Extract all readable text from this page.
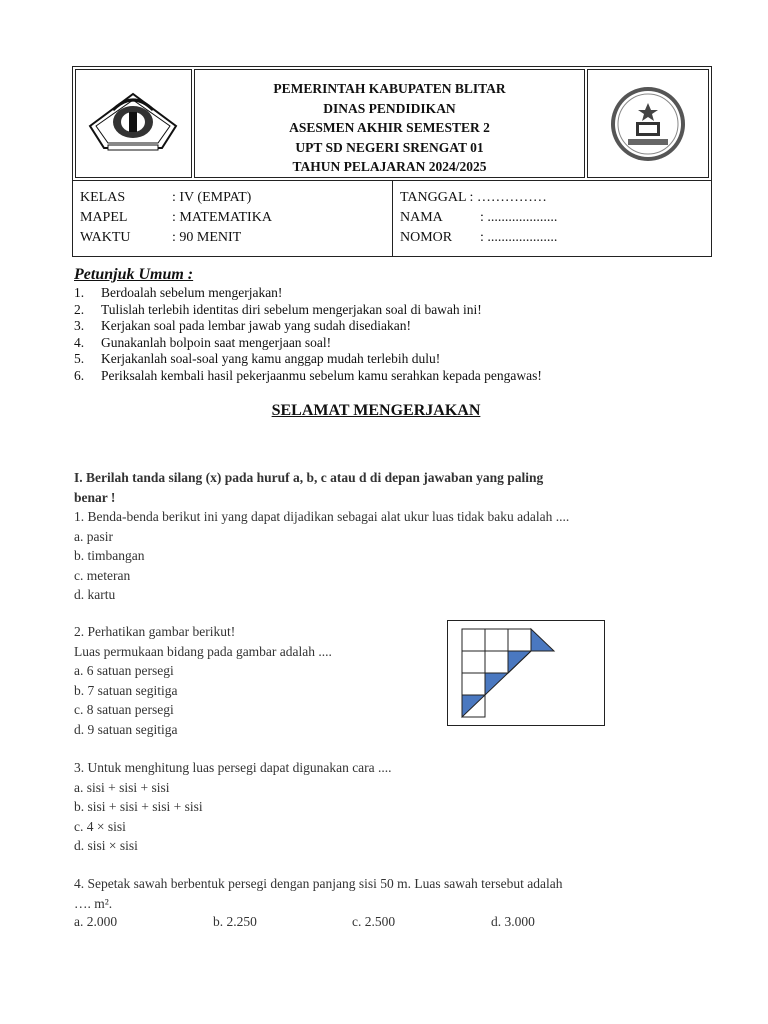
PEMERINTAH KABUPATEN BLITAR
DINAS PENDIDIKAN
ASESMEN AKHIR SEMESTER 2
UPT SD NEGERI SRENGAT 01
TAHUN PELAJARAN 2024/2025
KELAS	: IV (EMPAT)
MAPEL	: MATEMATIKA
WAKTU	: 90 MENIT
TANGGAL : ……………
NAMA	: ....................
NOMOR : ....................
Petunjuk Umum :
1.	Berdoalah sebelum mengerjakan!
2.	Tulislah terlebih identitas diri sebelum mengerjakan soal di bawah ini!
3.	Kerjakan soal pada lembar jawab yang sudah disediakan!
4.	Gunakanlah bolpoin saat mengerjaan soal!
5.	Kerjakanlah soal-soal yang kamu anggap mudah terlebih dulu!
6.	Periksalah kembali hasil pekerjaanmu sebelum kamu serahkan kepada pengawas!
SELAMAT MENGERJAKAN
I. Berilah tanda silang (x) pada huruf a, b, c atau d di depan jawaban yang paling
benar !
1. Benda-benda berikut ini yang dapat dijadikan sebagai alat ukur luas tidak baku adalah ....
a. pasir
b. timbangan
c. meteran
d. kartu
2. Perhatikan gambar berikut!
Luas permukaan bidang pada gambar adalah ....
a. 6 satuan persegi
b. 7 satuan segitiga
c. 8 satuan persegi
d. 9 satuan segitiga
3. Untuk menghitung luas persegi dapat digunakan cara ....
a. sisi + sisi + sisi
b. sisi + sisi + sisi + sisi
c. 4 × sisi
d. sisi × sisi
4. Sepetak sawah berbentuk persegi dengan panjang sisi 50 m. Luas sawah tersebut adalah
…. m².
a. 2.000	b. 2.250	c. 2.500	d. 3.000
